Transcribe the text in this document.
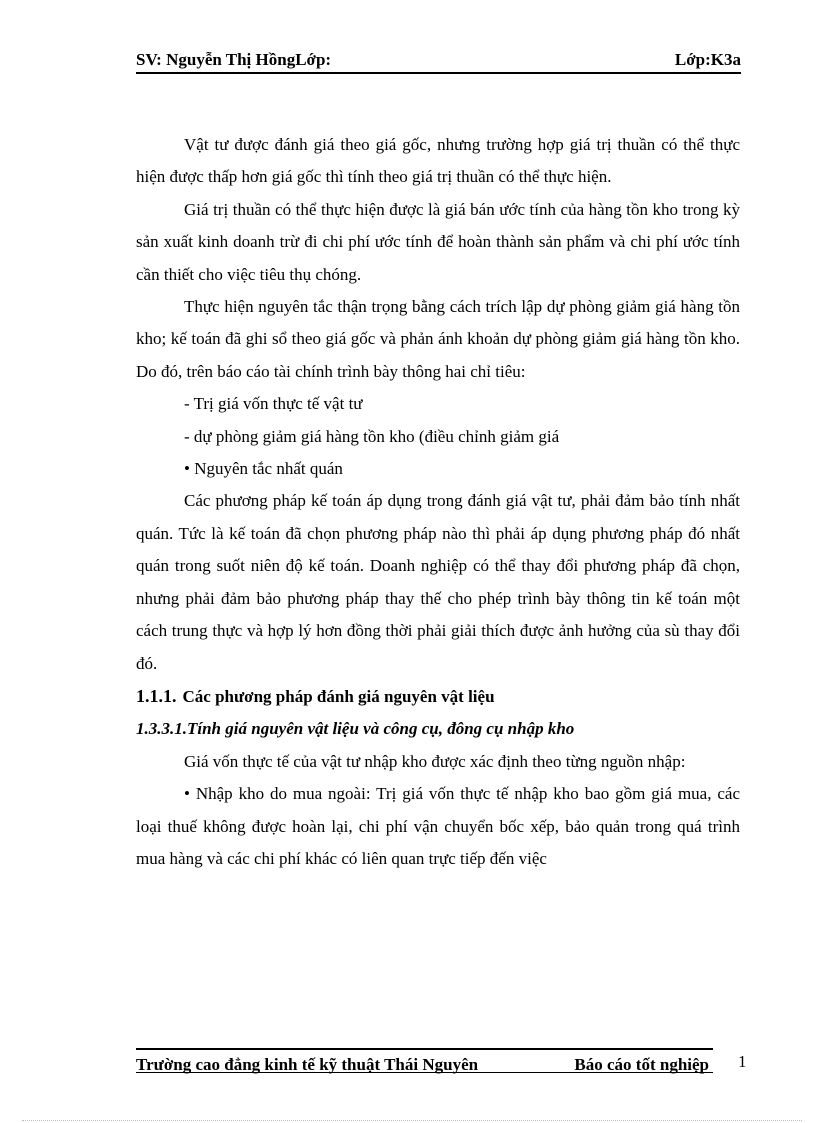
SV: Nguyễn Thị HồngLớp:	Lớp:K3a

Vật tư được đánh giá theo giá gốc, nhưng trường hợp giá trị thuần có thể thực hiện được thấp hơn giá gốc thì tính theo giá trị thuần có thể thực hiện.

Giá trị thuần có thể thực hiện được là giá bán ước tính của hàng tồn kho trong kỳ sản xuất kinh doanh trừ đi chi phí ước tính để hoàn thành sản phẩm và chi phí ước tính cần thiết cho việc tiêu thụ chóng.

Thực hiện nguyên tắc thận trọng bằng cách trích lập dự phòng giảm giá hàng tồn kho; kế toán đã ghi sổ theo giá gốc và phản ánh khoản dự phòng giảm giá hàng tồn kho. Do đó, trên báo cáo tài chính trình bày thông hai chỉ tiêu:

- Trị giá vốn thực tế vật tư

- dự phòng giảm giá hàng tồn kho (điều chỉnh giảm giá

• Nguyên tắc nhất quán

Các phương pháp kế toán áp dụng trong đánh giá vật tư, phải đảm bảo tính nhất quán. Tức là kế toán đã chọn phương pháp nào thì phải áp dụng phương pháp đó nhất quán trong suốt niên độ kế toán. Doanh nghiệp có thể thay đổi phương pháp đã chọn, nhưng phải đảm bảo phương pháp thay thế cho phép trình bày thông tin kế toán một cách trung thực và hợp lý hơn đồng thời phải giải thích được ảnh hưởng của sù thay đổi đó.

1.1.1. Các phương pháp đánh giá nguyên vật liệu

1.3.3.1.Tính giá nguyên vật liệu và công cụ, đông cụ nhập kho

Giá vốn thực tế của vật tư nhập kho được xác định theo từng nguồn nhập:

• Nhập kho do mua ngoài: Trị giá vốn thực tế nhập kho bao gồm giá mua, các loại thuế không được hoàn lại, chi phí vận chuyển bốc xếp, bảo quản trong quá trình mua hàng và các chi phí khác có liên quan trực tiếp đến việc

Trường cao đẳng kinh tế kỹ thuật Thái Nguyên	Báo cáo tốt nghiệp 1
